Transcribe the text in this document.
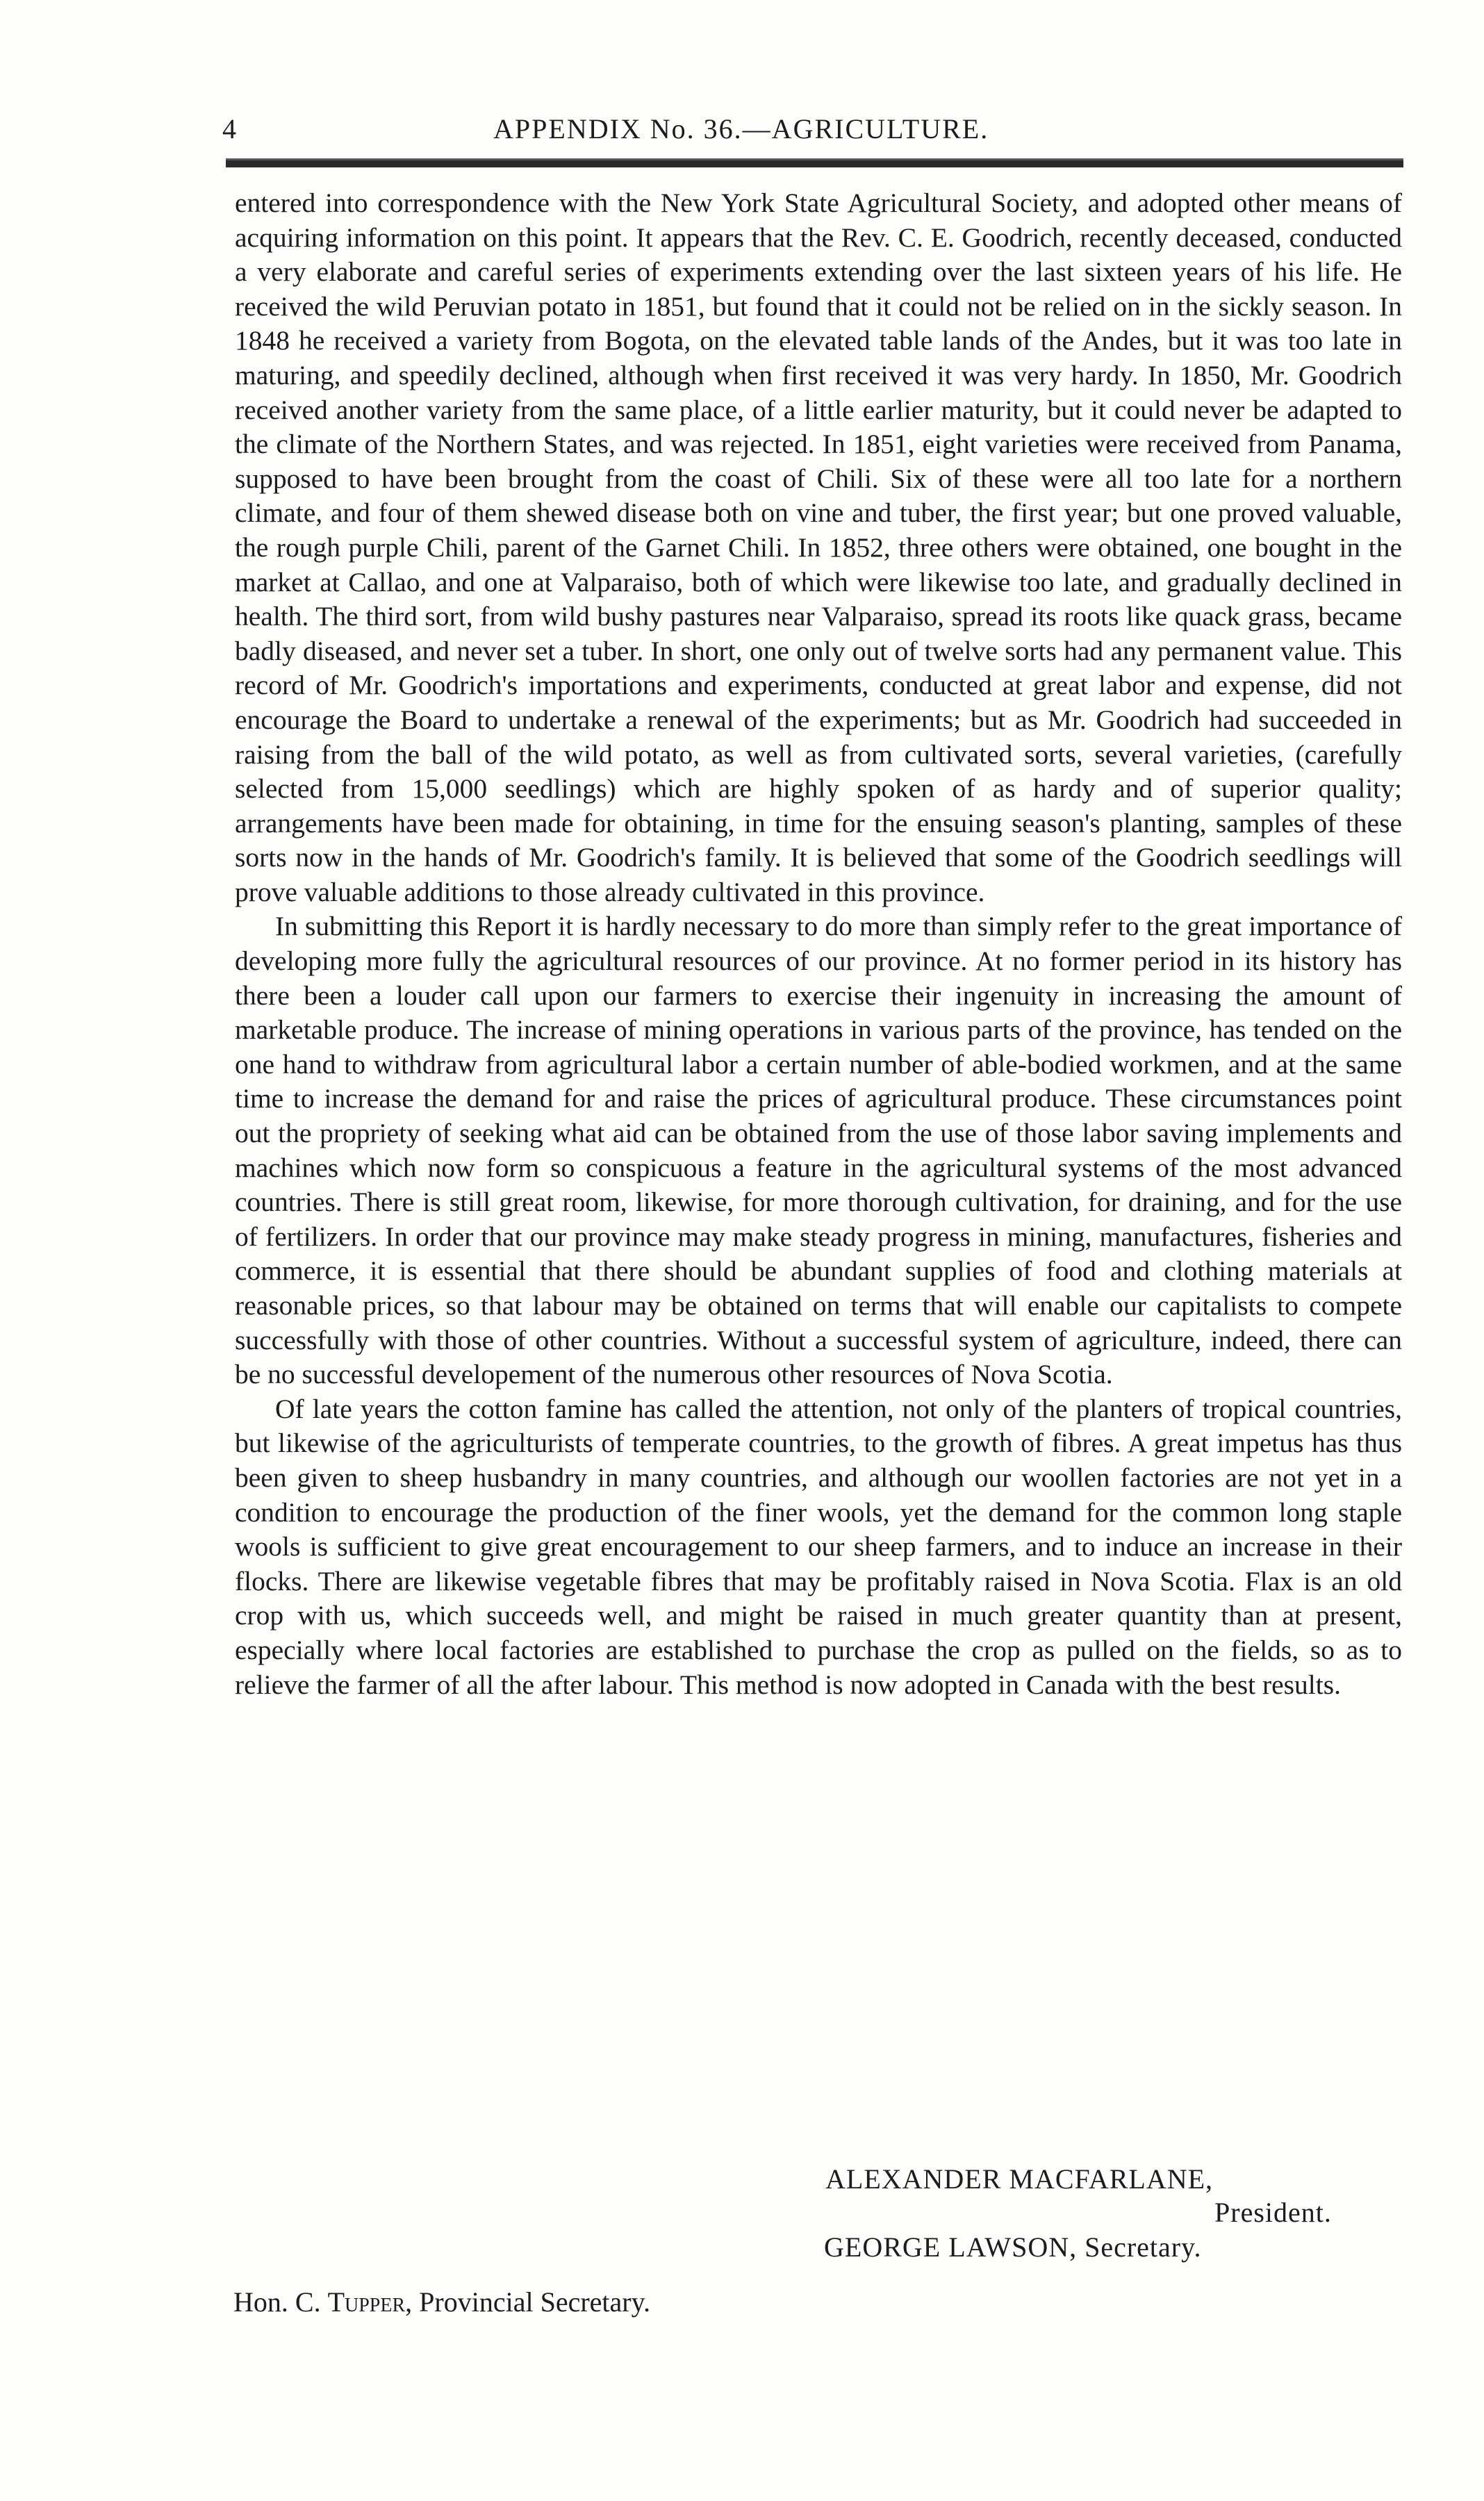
4	APPENDIX No. 36.—AGRICULTURE.

entered into correspondence with the New York State Agricultural Society, and adopted other means of acquiring information on this point. It appears that the Rev. C. E. Goodrich, recently deceased, conducted a very elaborate and careful series of experiments extending over the last sixteen years of his life. He received the wild Peruvian potato in 1851, but found that it could not be relied on in the sickly season. In 1848 he received a variety from Bogota, on the elevated table lands of the Andes, but it was too late in maturing, and speedily declined, although when first received it was very hardy. In 1850, Mr. Goodrich received another variety from the same place, of a little earlier maturity, but it could never be adapted to the climate of the Northern States, and was rejected. In 1851, eight varieties were received from Panama, supposed to have been brought from the coast of Chili. Six of these were all too late for a northern climate, and four of them shewed disease both on vine and tuber, the first year; but one proved valuable, the rough purple Chili, parent of the Garnet Chili. In 1852, three others were obtained, one bought in the market at Callao, and one at Valparaiso, both of which were likewise too late, and gradually declined in health. The third sort, from wild bushy pastures near Valparaiso, spread its roots like quack grass, became badly diseased, and never set a tuber. In short, one only out of twelve sorts had any permanent value. This record of Mr. Goodrich's importations and experiments, conducted at great labor and expense, did not encourage the Board to undertake a renewal of the experiments; but as Mr. Goodrich had succeeded in raising from the ball of the wild potato, as well as from cultivated sorts, several varieties, (carefully selected from 15,000 seedlings) which are highly spoken of as hardy and of superior quality; arrangements have been made for obtaining, in time for the ensuing season's planting, samples of these sorts now in the hands of Mr. Goodrich's family. It is believed that some of the Goodrich seedlings will prove valuable additions to those already cultivated in this province.

In submitting this Report it is hardly necessary to do more than simply refer to the great importance of developing more fully the agricultural resources of our province. At no former period in its history has there been a louder call upon our farmers to exercise their ingenuity in increasing the amount of marketable produce. The increase of mining operations in various parts of the province, has tended on the one hand to withdraw from agricultural labor a certain number of able-bodied workmen, and at the same time to increase the demand for and raise the prices of agricultural produce. These circumstances point out the propriety of seeking what aid can be obtained from the use of those labor saving implements and machines which now form so conspicuous a feature in the agricultural systems of the most advanced countries. There is still great room, likewise, for more thorough cultivation, for draining, and for the use of fertilizers. In order that our province may make steady progress in mining, manufactures, fisheries and commerce, it is essential that there should be abundant supplies of food and clothing materials at reasonable prices, so that labour may be obtained on terms that will enable our capitalists to compete successfully with those of other countries. Without a successful system of agriculture, indeed, there can be no successful developement of the numerous other resources of Nova Scotia.

Of late years the cotton famine has called the attention, not only of the planters of tropical countries, but likewise of the agriculturists of temperate countries, to the growth of fibres. A great impetus has thus been given to sheep husbandry in many countries, and although our woollen factories are not yet in a condition to encourage the production of the finer wools, yet the demand for the common long staple wools is sufficient to give great encouragement to our sheep farmers, and to induce an increase in their flocks. There are likewise vegetable fibres that may be profitably raised in Nova Scotia. Flax is an old crop with us, which succeeds well, and might be raised in much greater quantity than at present, especially where local factories are established to purchase the crop as pulled on the fields, so as to relieve the farmer of all the after labour. This method is now adopted in Canada with the best results.

ALEXANDER MACFARLANE,
President.
GEORGE LAWSON, Secretary.
Hon. C. Tupper, Provincial Secretary.
